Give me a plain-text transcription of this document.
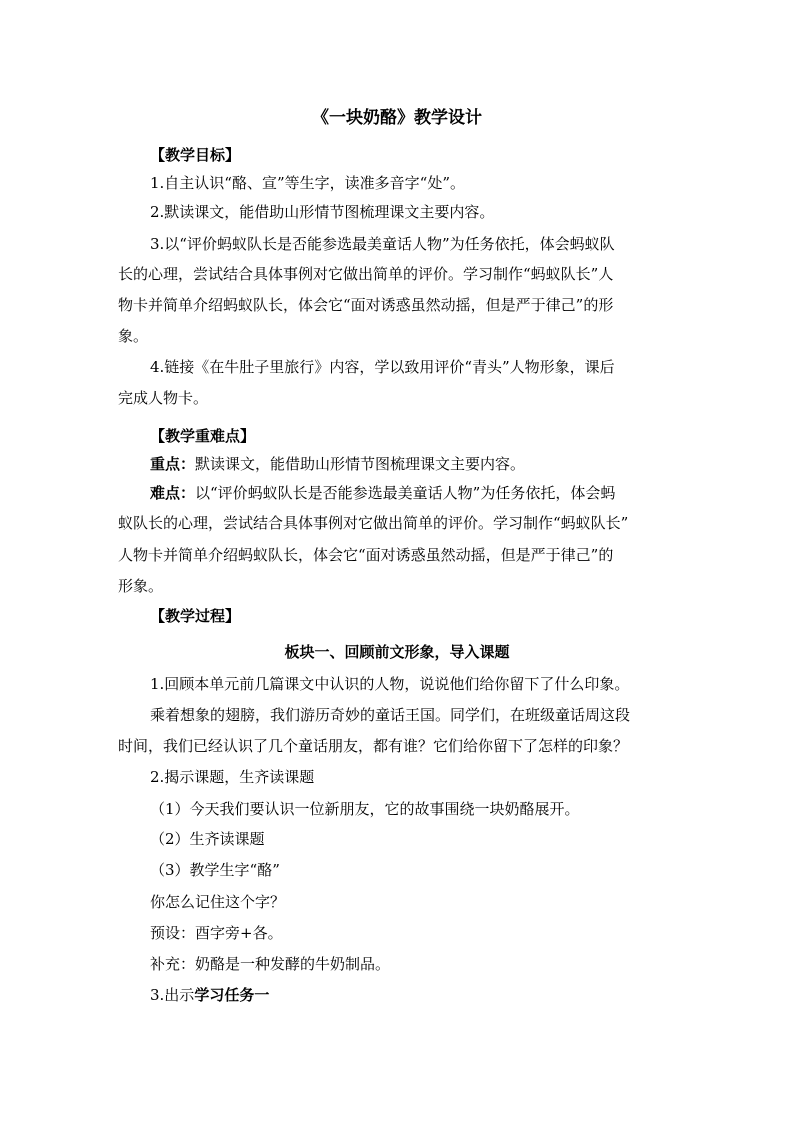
《一块奶酪》教学设计
【教学目标】
1.自主认识“酪、宣”等生字，读准多音字“处”。
2.默读课文，能借助山形情节图梳理课文主要内容。
3.以“评价蚂蚁队长是否能参选最美童话人物”为任务依托，体会蚂蚁队
长的心理，尝试结合具体事例对它做出简单的评价。学习制作“蚂蚁队长”人
物卡并简单介绍蚂蚁队长，体会它“面对诱惑虽然动摇，但是严于律己”的形
象。
4.链接《在牛肚子里旅行》内容，学以致用评价“青头”人物形象，课后
完成人物卡。
【教学重难点】
重点：默读课文，能借助山形情节图梳理课文主要内容。
难点：以“评价蚂蚁队长是否能参选最美童话人物”为任务依托，体会蚂
蚁队长的心理，尝试结合具体事例对它做出简单的评价。学习制作“蚂蚁队长”
人物卡并简单介绍蚂蚁队长，体会它“面对诱惑虽然动摇，但是严于律己”的
形象。
【教学过程】
板块一、回顾前文形象，导入课题
1.回顾本单元前几篇课文中认识的人物，说说他们给你留下了什么印象。
乘着想象的翅膀，我们游历奇妙的童话王国。同学们，在班级童话周这段
时间，我们已经认识了几个童话朋友，都有谁？它们给你留下了怎样的印象？
2.揭示课题，生齐读课题
（1）今天我们要认识一位新朋友，它的故事围绕一块奶酪展开。
（2）生齐读课题
（3）教学生字“酪”
你怎么记住这个字？
预设：酉字旁+各。
补充：奶酪是一种发酵的牛奶制品。
3.出示学习任务一
